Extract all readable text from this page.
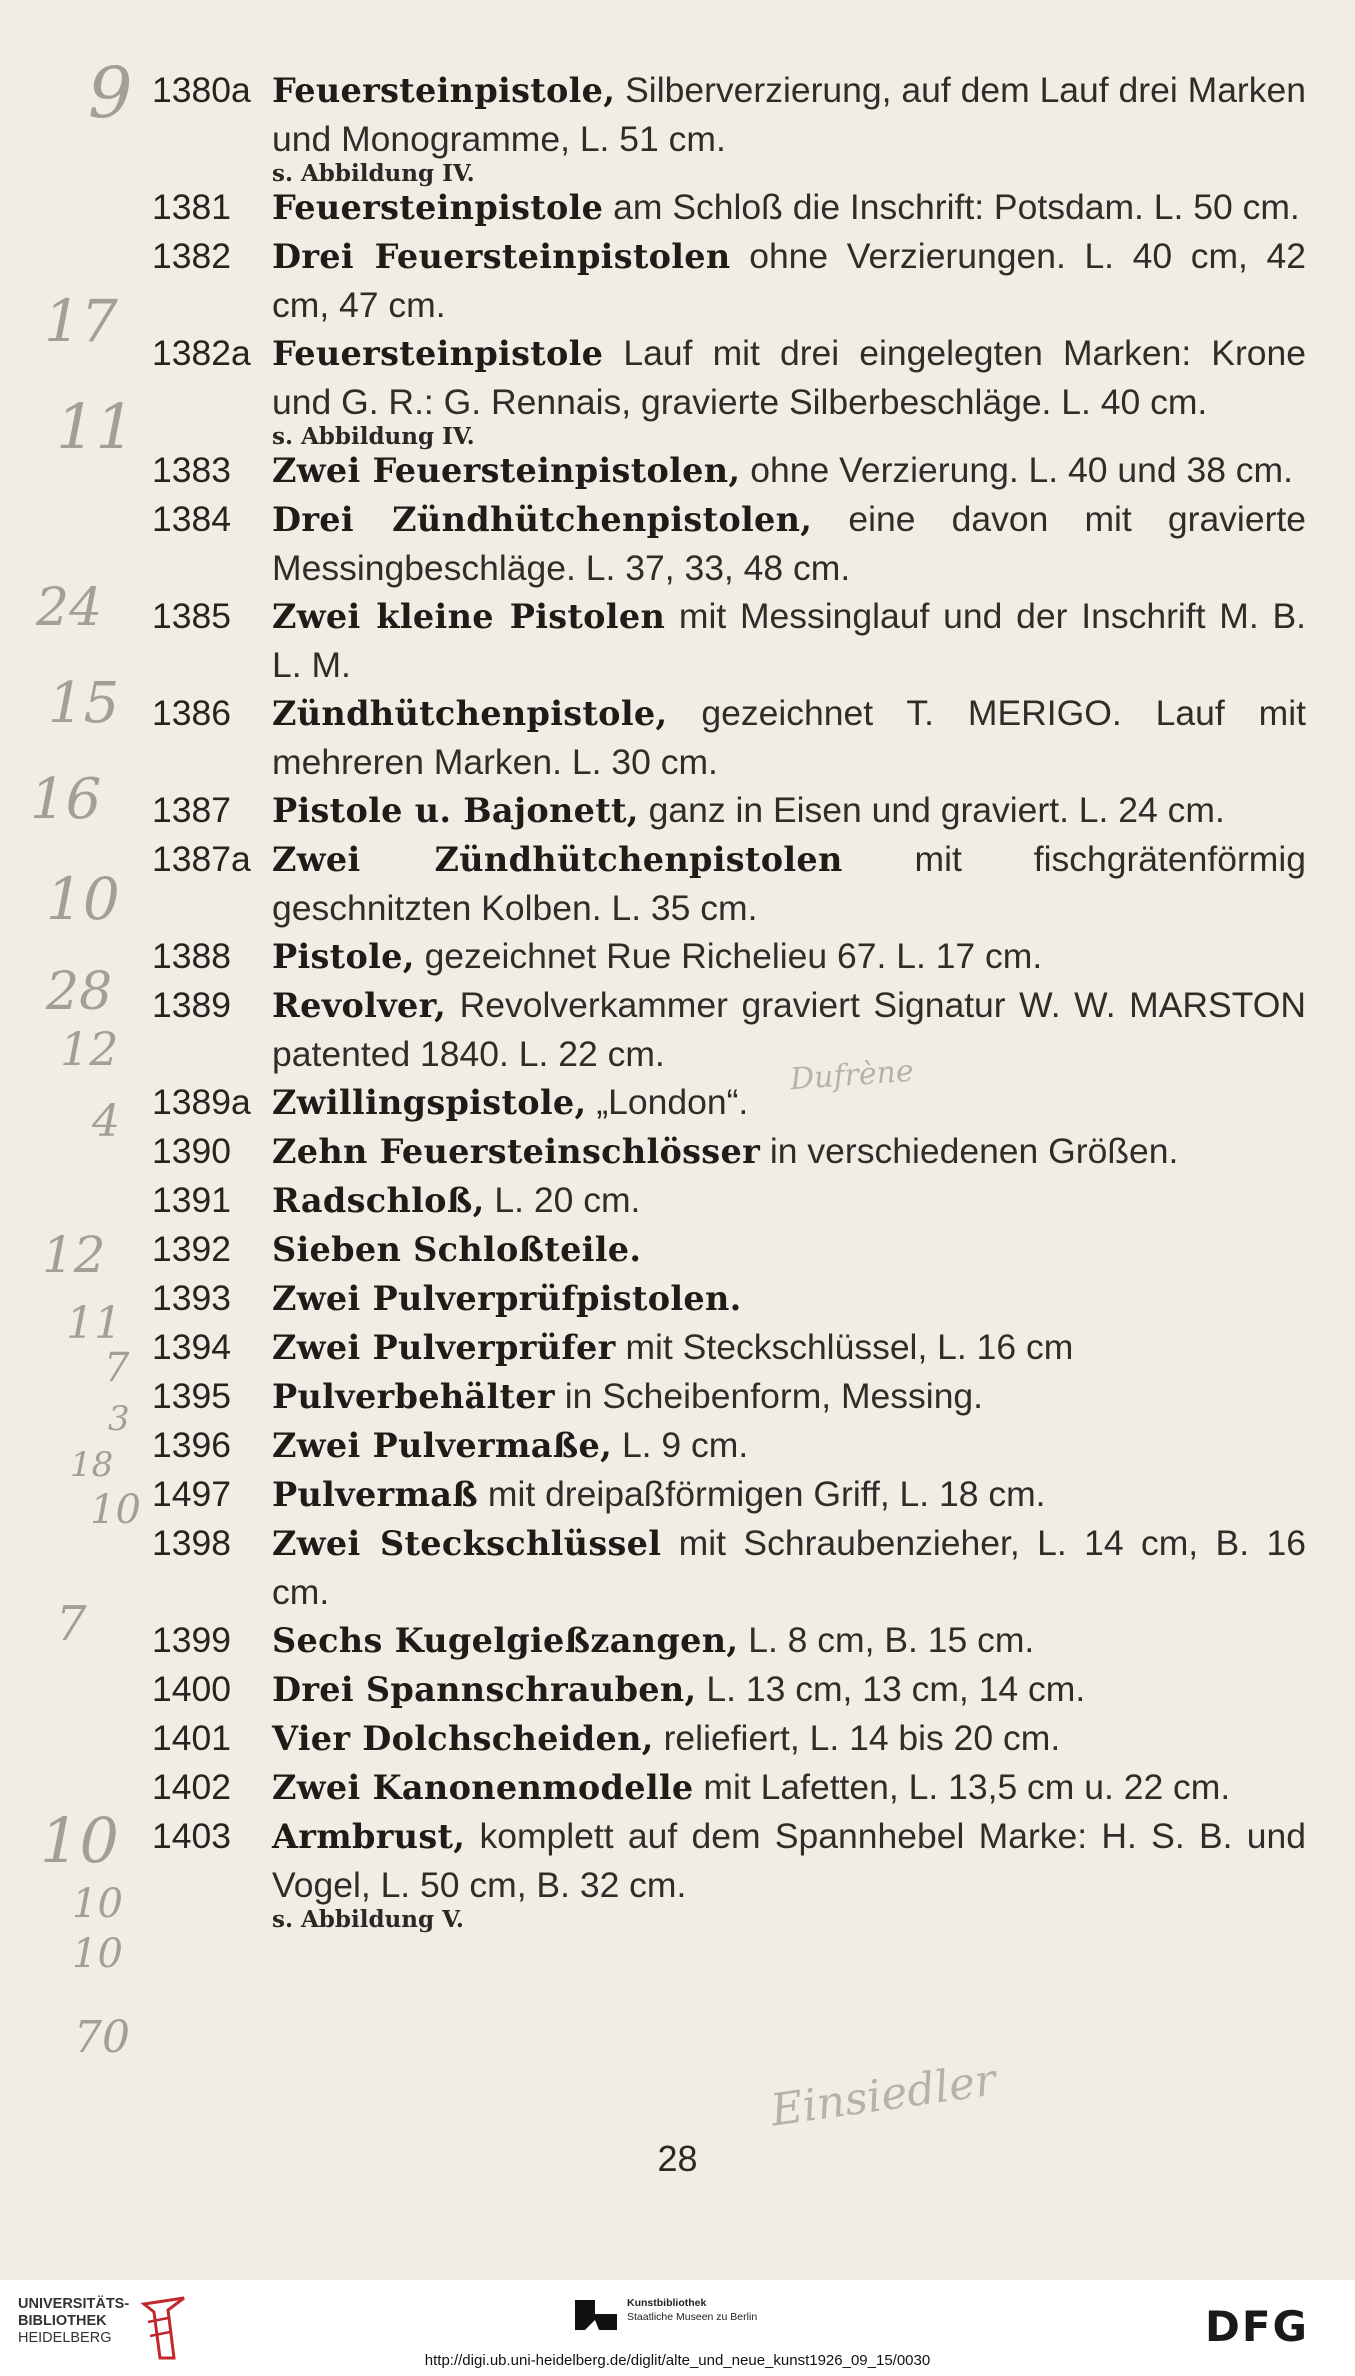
1380a Feuersteinpistole, Silberverzierung, auf dem Lauf drei Marken und Monogramme, L. 51 cm.
s. Abbildung IV.
1381	Feuersteinpistole am Schloß die Inschrift: Potsdam. L. 50 cm.
1382	Drei Feuersteinpistolen ohne Verzierungen. L. 40 cm, 42 cm, 47 cm.
1382a Feuersteinpistole Lauf mit drei eingelegten Marken: Krone und G. R.: G. Rennais, gravierte Silberbeschläge. L. 40 cm.
s. Abbildung IV.
1383	Zwei Feuersteinpistolen, ohne Verzierung. L. 40 und 38 cm.
1384	Drei Zündhütchenpistolen, eine davon mit gravierte Messingbeschläge. L. 37, 33, 48 cm.
1385	Zwei kleine Pistolen mit Messinglauf und der Inschrift M. B. L. M.
1386	Zündhütchenpistole, gezeichnet T. MERIGO. Lauf mit mehreren Marken. L. 30 cm.
1387	Pistole u. Bajonett, ganz in Eisen und graviert. L. 24 cm.
1387a Zwei Zündhütchenpistolen mit fischgrätenförmig geschnitzten Kolben. L. 35 cm.
1388	Pistole, gezeichnet Rue Richelieu 67. L. 17 cm.
1389	Revolver, Revolverkammer graviert Signatur W. W. MARSTON patented 1840. L. 22 cm.
1389a Zwillingspistole, „London“.
1390	Zehn Feuersteinschlösser in verschiedenen Größen.
1391	Radschloß, L. 20 cm.
1392	Sieben Schloßteile.
1393	Zwei Pulverprüfpistolen.
1394	Zwei Pulverprüfer mit Steckschlüssel, L. 16 cm
1395	Pulverbehälter in Scheibenform, Messing.
1396	Zwei Pulvermaße, L. 9 cm.
1497	Pulvermaß mit dreipaßförmigen Griff, L. 18 cm.
1398	Zwei Steckschlüssel mit Schraubenzieher, L. 14 cm, B. 16 cm.
1399	Sechs Kugelgießzangen, L. 8 cm, B. 15 cm.
1400	Drei Spannschrauben, L. 13 cm, 13 cm, 14 cm.
1401	Vier Dolchscheiden, reliefiert, L. 14 bis 20 cm.
1402	Zwei Kanonenmodelle mit Lafetten, L. 13,5 cm u. 22 cm.
1403	Armbrust, komplett auf dem Spannhebel Marke: H. S. B. und Vogel, L. 50 cm, B. 32 cm.
s. Abbildung V.
9
17
11
24
15
16
10
28
12
4
12
11
7
3
18
10
7
10
10
10
70
Dufrène
Einsiedler
28
UNIVERSITÄTS-
BIBLIOTHEK
HEIDELBERG
Kunstbibliothek
Staatliche Museen zu Berlin	DFG
http://digi.ub.uni-heidelberg.de/diglit/alte_und_neue_kunst1926_09_15/0030
